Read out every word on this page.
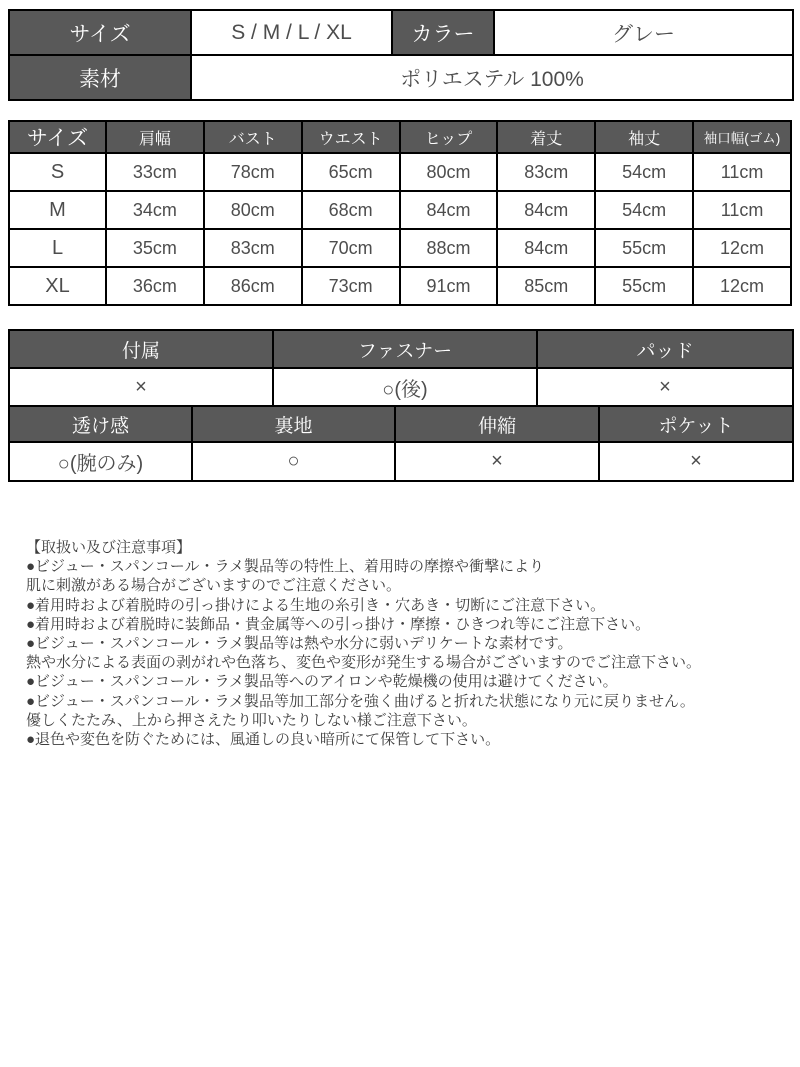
サイズ	S / M / L / XL	カラー	グレー
素材	ポリエステル 100%		
サイズ	肩幅	バスト	ウエスト	ヒップ	着丈	袖丈	袖口幅(ゴム)
S	33cm	78cm	65cm	80cm	83cm	54cm	11cm
M	34cm	80cm	68cm	84cm	84cm	54cm	11cm
L	35cm	83cm	70cm	88cm	84cm	55cm	12cm
XL	36cm	86cm	73cm	91cm	85cm	55cm	12cm
付属	ファスナー	パッド
×	○(後)	×
透け感	裏地	伸縮	ポケット
○(腕のみ)	○	×	×
【取扱い及び注意事項】
●ビジュー・スパンコール・ラメ製品等の特性上、着用時の摩擦や衝撃により
肌に刺激がある場合がございますのでご注意ください。
●着用時および着脱時の引っ掛けによる生地の糸引き・穴あき・切断にご注意下さい。
●着用時および着脱時に装飾品・貴金属等への引っ掛け・摩擦・ひきつれ等にご注意下さい。
●ビジュー・スパンコール・ラメ製品等は熱や水分に弱いデリケートな素材です。
熱や水分による表面の剥がれや色落ち、変色や変形が発生する場合がございますのでご注意下さい。
●ビジュー・スパンコール・ラメ製品等へのアイロンや乾燥機の使用は避けてください。
●ビジュー・スパンコール・ラメ製品等加工部分を強く曲げると折れた状態になり元に戻りません。
優しくたたみ、上から押さえたり叩いたりしない様ご注意下さい。
●退色や変色を防ぐためには、風通しの良い暗所にて保管して下さい。
